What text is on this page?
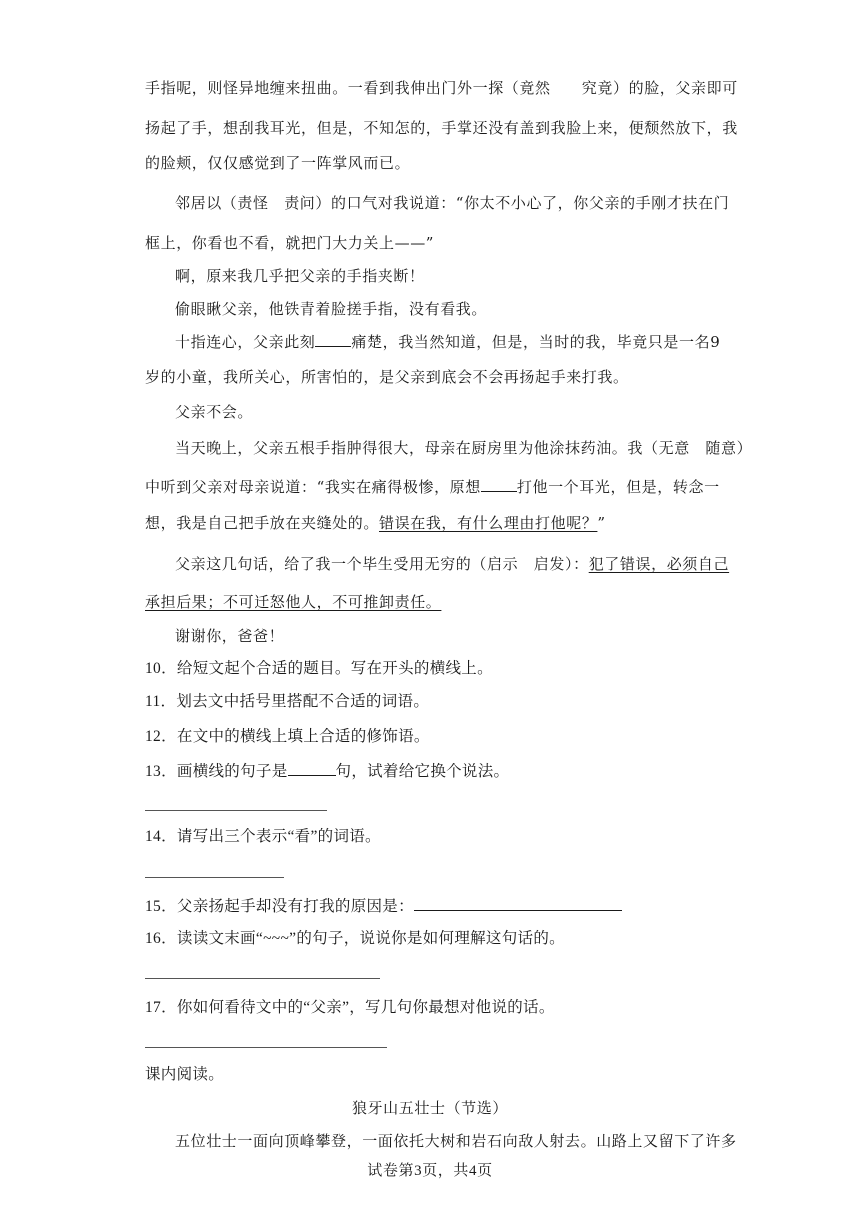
手指呢，则怪异地缠来扭曲。一看到我伸出门外一探（竟然　　究竟）的脸，父亲即可
扬起了手，想刮我耳光，但是，不知怎的，手掌还没有盖到我脸上来，便颓然放下，我
的脸颊，仅仅感觉到了一阵掌风而已。
邻居以（责怪　责问）的口气对我说道：“你太不小心了，你父亲的手刚才扶在门
框上，你看也不看，就把门大力关上——”
啊，原来我几乎把父亲的手指夹断！
偷眼瞅父亲，他铁青着脸搓手指，没有看我。
十指连心，父亲此刻 痛楚，我当然知道，但是，当时的我，毕竟只是一名9
岁的小童，我所关心，所害怕的，是父亲到底会不会再扬起手来打我。
父亲不会。
当天晚上，父亲五根手指肿得很大，母亲在厨房里为他涂抹药油。我（无意　随意）
中听到父亲对母亲说道：“我实在痛得极惨，原想 打他一个耳光，但是，转念一
想，我是自己把手放在夹缝处的。错误在我，有什么理由打他呢？”
父亲这几句话，给了我一个毕生受用无穷的（启示　启发）：犯了错误，必须自己
承担后果；不可迁怒他人，不可推卸责任。
谢谢你，爸爸！
10．给短文起个合适的题目。写在开头的横线上。
11．划去文中括号里搭配不合适的词语。
12．在文中的横线上填上合适的修饰语。
13．画横线的句子是	句，试着给它换个说法。
14．请写出三个表示“看”的词语。
15．父亲扬起手却没有打我的原因是：
16．读读文末画“~~~”的句子，说说你是如何理解这句话的。
17．你如何看待文中的“父亲”，写几句你最想对他说的话。
课内阅读。
狼牙山五壮士（节选）
五位壮士一面向顶峰攀登，一面依托大树和岩石向敌人射去。山路上又留下了许多
试卷第3页，共4页
